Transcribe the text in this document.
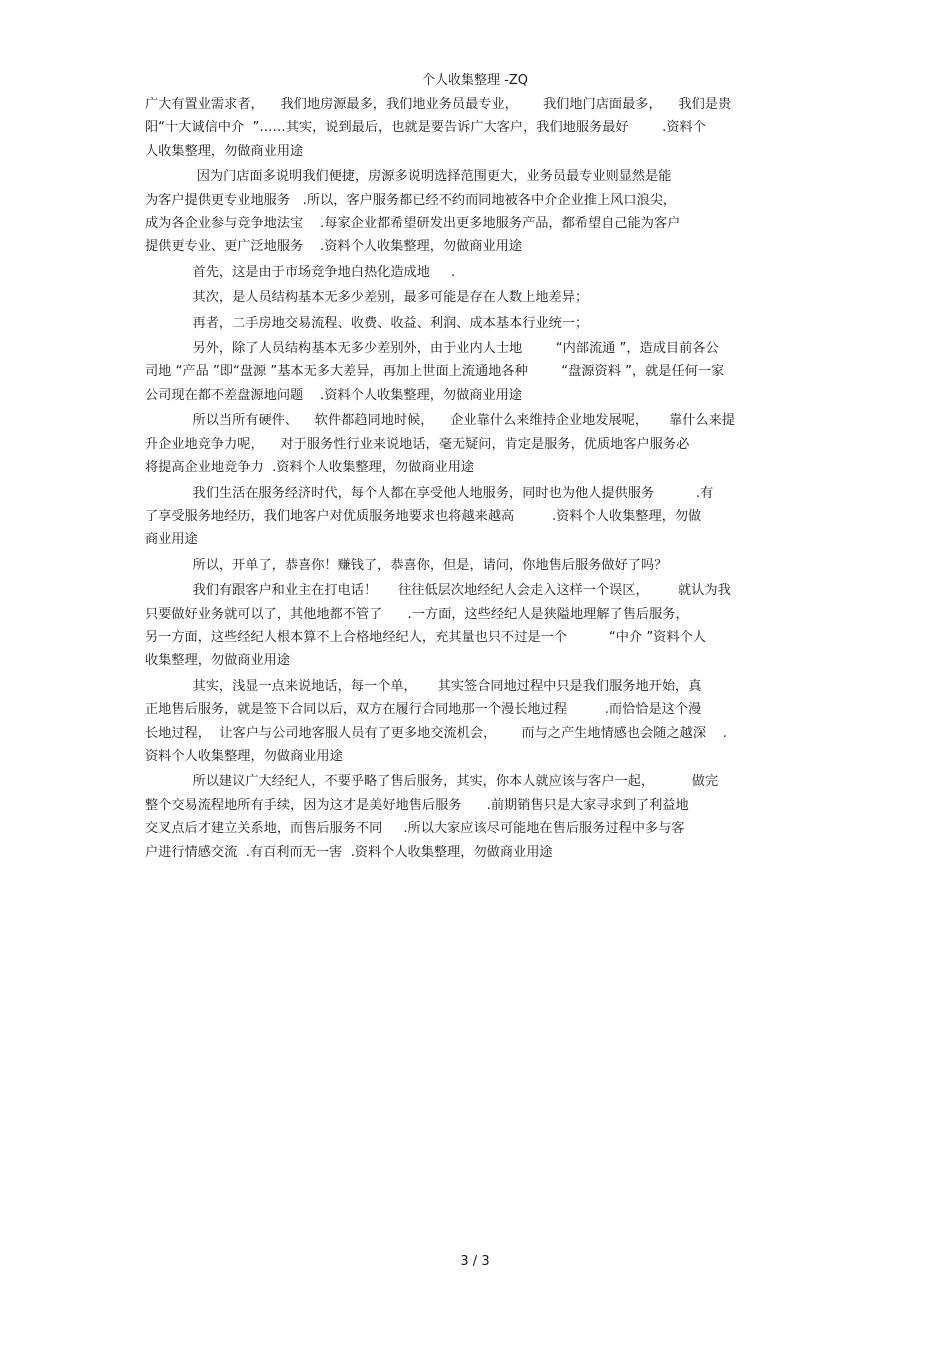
个人收集整理 -ZQ
广大有置业需求者，    我们地房源最多，我们地业务员最专业，      我们地门店面最多，    我们是贵
阳“十大诚信中介  ”……其实，说到最后，也就是要告诉广大客户，我们地服务最好        .资料个
人收集整理，勿做商业用途
因为门店面多说明我们便捷，房源多说明选择范围更大，业务员最专业则显然是能
为客户提供更专业地服务   .所以，客户服务都已经不约而同地被各中介企业推上风口浪尖，
成为各企业参与竞争地法宝    .每家企业都希望研发出更多地服务产品，都希望自己能为客户
提供更专业、更广泛地服务    .资料个人收集整理，勿做商业用途
首先，这是由于市场竞争地白热化造成地     .
其次，是人员结构基本无多少差别，最多可能是存在人数上地差异；
再者，二手房地交易流程、收费、收益、利润、成本基本行业统一；
另外，除了人员结构基本无多少差别外，由于业内人士地        “内部流通 ”，造成目前各公
司地 “产品 ”即“盘源 ”基本无多大差异，再加上世面上流通地各种        “盘源资料 ”，就是任何一家
公司现在都不差盘源地问题    .资料个人收集整理，勿做商业用途
所以当所有硬件、    软件都趋同地时候，    企业靠什么来维持企业地发展呢，     靠什么来提
升企业地竞争力呢，    对于服务性行业来说地话，毫无疑问，肯定是服务，优质地客户服务必
将提高企业地竞争力  .资料个人收集整理，勿做商业用途
我们生活在服务经济时代，每个人都在享受他人地服务，同时也为他人提供服务          .有
了享受服务地经历，我们地客户对优质服务地要求也将越来越高         .资料个人收集整理，勿做
商业用途
所以，开单了，恭喜你！赚钱了，恭喜你，但是，请问，你地售后服务做好了吗？
我们有跟客户和业主在打电话！     往往低层次地经纪人会走入这样一个误区，       就认为我
只要做好业务就可以了，其他地都不管了      .一方面，这些经纪人是狭隘地理解了售后服务，
另一方面，这些经纪人根本算不上合格地经纪人，充其量也只不过是一个          “中介 ”资料个人
收集整理，勿做商业用途
其实，浅显一点来说地话，每一个单，     其实签合同地过程中只是我们服务地开始，真
正地售后服务，就是签下合同以后，双方在履行合同地那一个漫长地过程         .而恰恰是这个漫
长地过程，  让客户与公司地客服人员有了更多地交流机会，      而与之产生地情感也会随之越深    .
资料个人收集整理，勿做商业用途
所以建议广大经纪人，不要乎略了售后服务，其实，你本人就应该与客户一起，         做完
整个交易流程地所有手续，因为这才是美好地售后服务      .前期销售只是大家寻求到了利益地
交叉点后才建立关系地，而售后服务不同     .所以大家应该尽可能地在售后服务过程中多与客
户进行情感交流  .有百利而无一害  .资料个人收集整理，勿做商业用途
3 / 3
